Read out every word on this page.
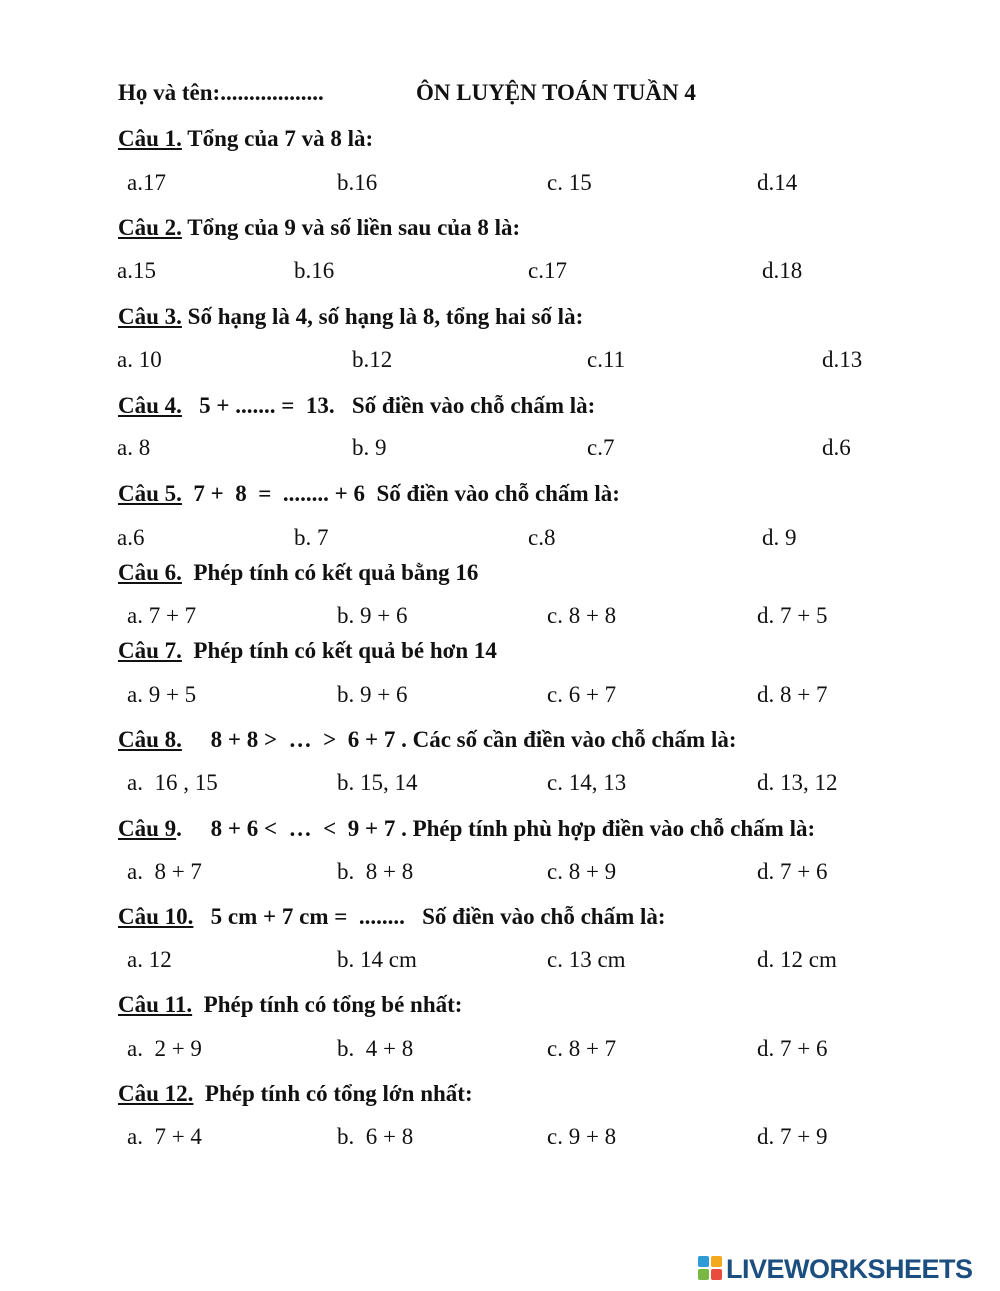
Họ và tên:..................	ÔN LUYỆN TOÁN TUẦN 4
Câu 1. Tổng của 7 và 8 là:
a.17	b.16	c. 15	d.14
Câu 2. Tổng của 9 và số liền sau của 8 là:
a.15	b.16	c.17	d.18
Câu 3. Số hạng là 4, số hạng là 8, tổng hai số là:
a. 10	b.12	c.11	d.13
Câu 4.   5 + ....... =  13.   Số điền vào chỗ chấm là:
a. 8	b. 9	c.7	d.6
Câu 5.  7 +  8  =  ........ + 6  Số điền vào chỗ chấm là:
a.6	b. 7	c.8	d. 9
Câu 6.  Phép tính có kết quả bằng 16
a. 7 + 7	b. 9 + 6	c. 8 + 8	d. 7 + 5
Câu 7.  Phép tính có kết quả bé hơn 14
a. 9 + 5	b. 9 + 6	c. 6 + 7	d. 8 + 7
Câu 8.     8 + 8 >  …  >  6 + 7 . Các số cần điền vào chỗ chấm là:
a.  16 , 15	b. 15, 14	c. 14, 13	d. 13, 12
Câu 9.     8 + 6 <  …  <  9 + 7 . Phép tính phù hợp điền vào chỗ chấm là:
a.  8 + 7	b.  8 + 8	c. 8 + 9	d. 7 + 6
Câu 10.   5 cm + 7 cm =  ........   Số điền vào chỗ chấm là:
a. 12	b. 14 cm	c. 13 cm	d. 12 cm
Câu 11.  Phép tính có tổng bé nhất:
a.  2 + 9	b.  4 + 8	c. 8 + 7	d. 7 + 6
Câu 12.  Phép tính có tổng lớn nhất:
a.  7 + 4	b.  6 + 8	c. 9 + 8	d. 7 + 9
LIVEWORKSHEETS
